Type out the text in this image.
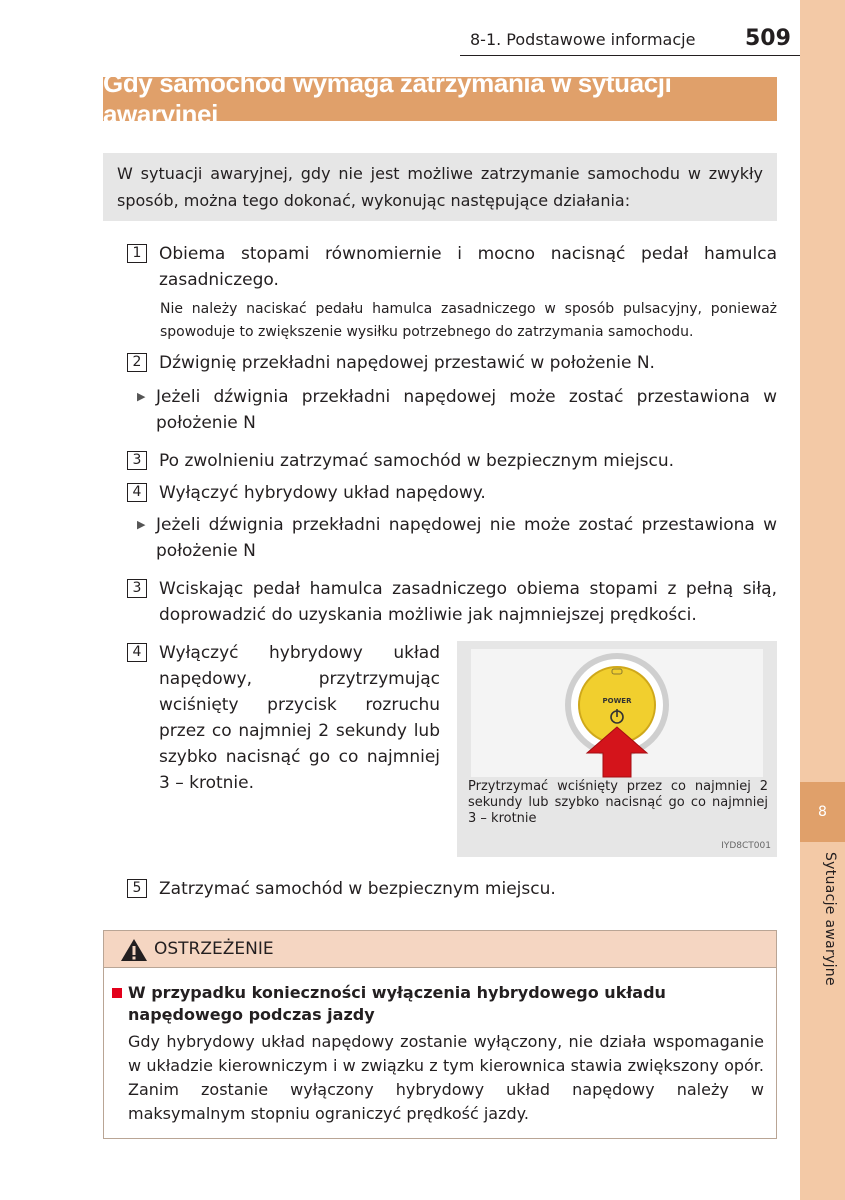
8
Sytuacje awaryjne
8-1. Podstawowe informacje 509
Gdy samochód wymaga zatrzymania w sytuacji awaryjnej
W sytuacji awaryjnej, gdy nie jest możliwe zatrzymanie samochodu w zwykły sposób, można tego dokonać, wykonując następujące działania:
1	Obiema stopami równomiernie i mocno nacisnąć pedał hamulca zasadniczego.
Nie należy naciskać pedału hamulca zasadniczego w sposób pulsacyjny, ponieważ spowoduje to zwiększenie wysiłku potrzebnego do zatrzymania samochodu.
2	Dźwignię przekładni napędowej przestawić w położenie N.
▶ Jeżeli dźwignia przekładni napędowej może zostać przestawiona w położenie N
3	Po zwolnieniu zatrzymać samochód w bezpiecznym miejscu.
4	Wyłączyć hybrydowy układ napędowy.
▶ Jeżeli dźwignia przekładni napędowej nie może zostać przestawiona w położenie N
3	Wciskając pedał hamulca zasadniczego obiema stopami z pełną siłą, doprowadzić do uzyskania możliwie jak najmniejszej prędkości.
4	Wyłączyć hybrydowy układ napędowy, przytrzymując wciśnięty przycisk rozruchu przez co najmniej 2 sekundy lub szybko nacisnąć go co najmniej 3 – krotnie.
POWER
IYD8CT001
Przytrzymać wciśnięty przez co najmniej 2 sekundy lub szybko nacisnąć go co najmniej 3 – krotnie
5	Zatrzymać samochód w bezpiecznym miejscu.
OSTRZEŻENIE
W przypadku konieczności wyłączenia hybrydowego układu napędowego podczas jazdy
Gdy hybrydowy układ napędowy zostanie wyłączony, nie działa wspomaganie w układzie kierowniczym i w związku z tym kierownica stawia zwiększony opór. Zanim zostanie wyłączony hybrydowy układ napędowy należy w maksymalnym stopniu ograniczyć prędkość jazdy.
